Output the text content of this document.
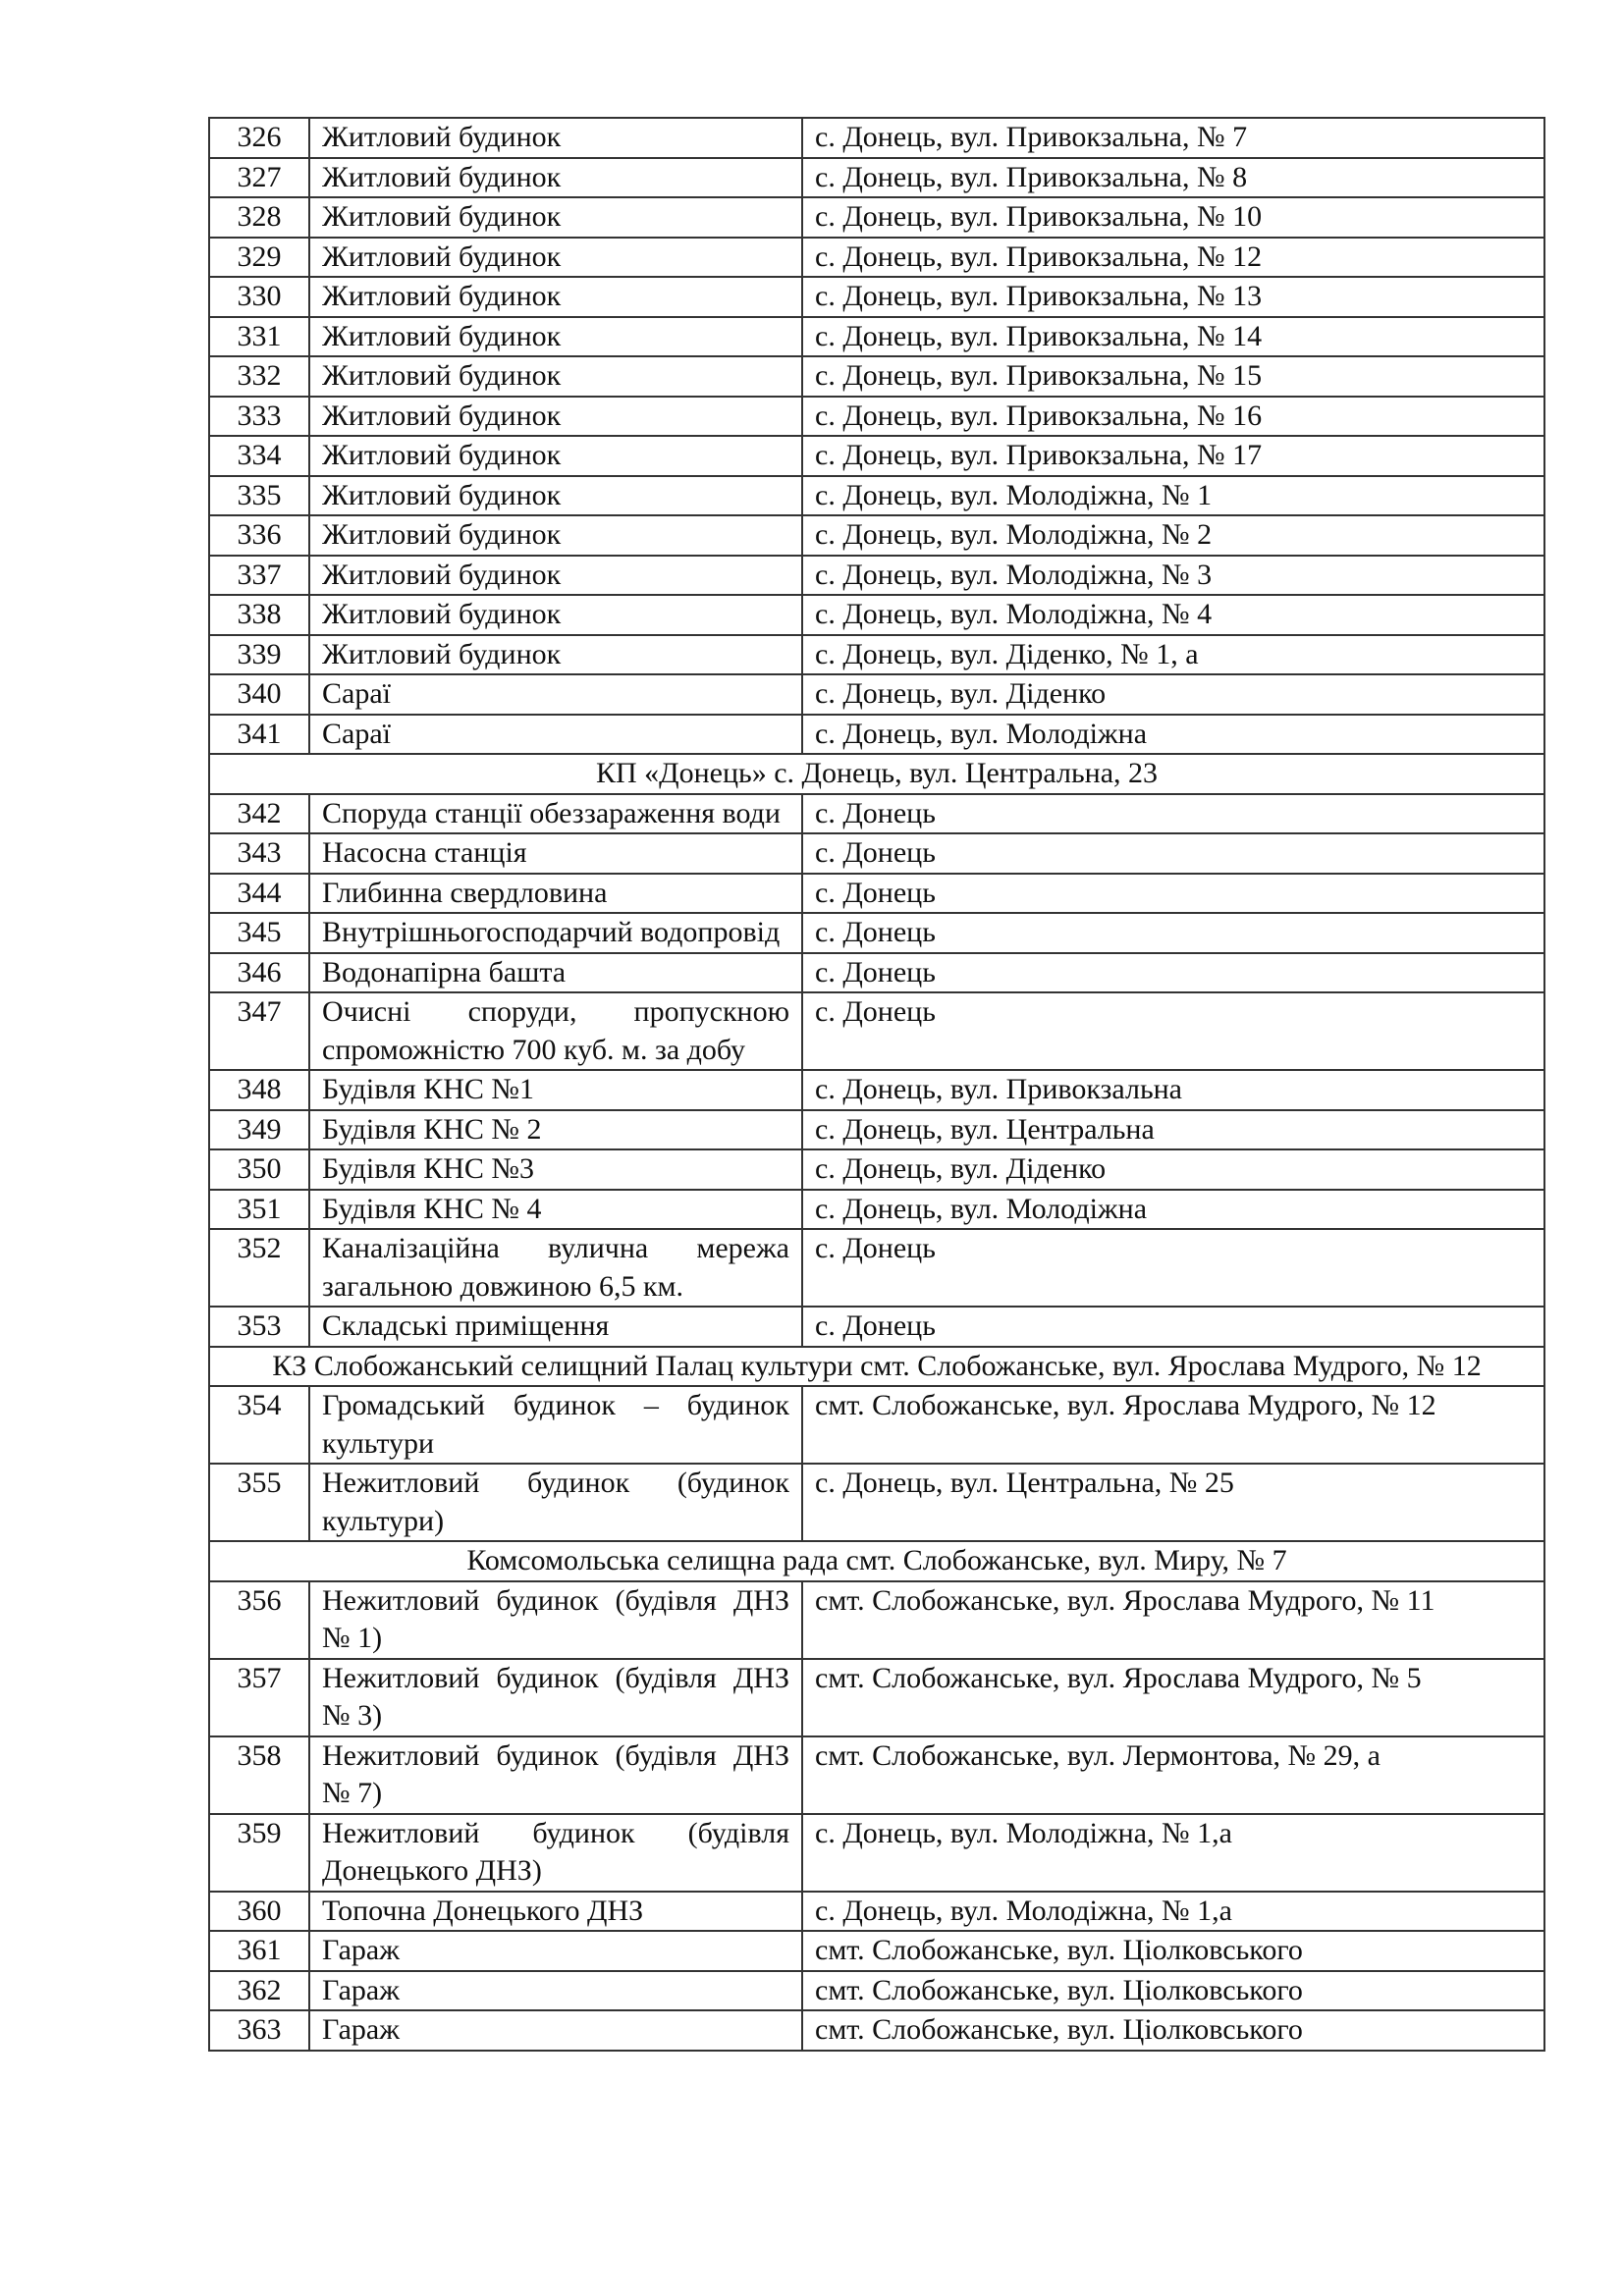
326	Житловий будинок	с. Донець, вул. Привокзальна, № 7
327	Житловий будинок	с. Донець, вул. Привокзальна, № 8
328	Житловий будинок	с. Донець, вул. Привокзальна, № 10
329	Житловий будинок	с. Донець, вул. Привокзальна, № 12
330	Житловий будинок	с. Донець, вул. Привокзальна, № 13
331	Житловий будинок	с. Донець, вул. Привокзальна, № 14
332	Житловий будинок	с. Донець, вул. Привокзальна, № 15
333	Житловий будинок	с. Донець, вул. Привокзальна, № 16
334	Житловий будинок	с. Донець, вул. Привокзальна, № 17
335	Житловий будинок	с. Донець, вул. Молодіжна, № 1
336	Житловий будинок	с. Донець, вул. Молодіжна, № 2
337	Житловий будинок	с. Донець, вул. Молодіжна, № 3
338	Житловий будинок	с. Донець, вул. Молодіжна, № 4
339	Житловий будинок	с. Донець, вул. Діденко, № 1, а
340	Сараї	с. Донець, вул. Діденко
341	Сараї	с. Донець, вул. Молодіжна
КП «Донець» с. Донець, вул. Центральна, 23		
342	Споруда станції обеззараження води	с. Донець
343	Насосна станція	с. Донець
344	Глибинна свердловина	с. Донець
345	Внутрішньогосподарчий водопровід	с. Донець
346	Водонапірна башта	с. Донець
347	Очисні споруди, пропускною спроможністю 700 куб. м. за добу	с. Донець
348	Будівля КНС №1	с. Донець, вул. Привокзальна
349	Будівля КНС № 2	с. Донець, вул. Центральна
350	Будівля КНС №3	с. Донець, вул. Діденко
351	Будівля КНС № 4	с. Донець, вул. Молодіжна
352	Каналізаційна вулична мережа загальною довжиною 6,5 км.	с. Донець
353	Складські приміщення	с. Донець
КЗ Слобожанський селищний Палац культури смт. Слобожанське, вул. Ярослава Мудрого, № 12		
354	Громадський будинок – будинок культури	смт. Слобожанське, вул. Ярослава Мудрого, № 12
355	Нежитловий будинок (будинок культури)	с. Донець, вул. Центральна, № 25
Комсомольська селищна рада смт. Слобожанське, вул. Миру, № 7		
356	Нежитловий будинок (будівля ДНЗ № 1)	смт. Слобожанське, вул. Ярослава Мудрого, № 11
357	Нежитловий будинок (будівля ДНЗ № 3)	смт. Слобожанське, вул. Ярослава Мудрого, № 5
358	Нежитловий будинок (будівля ДНЗ № 7)	смт. Слобожанське, вул. Лермонтова, № 29, а
359	Нежитловий будинок (будівля Донецького ДНЗ)	с. Донець, вул. Молодіжна, № 1,а
360	Топочна Донецького ДНЗ	с. Донець, вул. Молодіжна, № 1,а
361	Гараж	смт. Слобожанське, вул. Ціолковського
362	Гараж	смт. Слобожанське, вул. Ціолковського
363	Гараж	смт. Слобожанське, вул. Ціолковського
